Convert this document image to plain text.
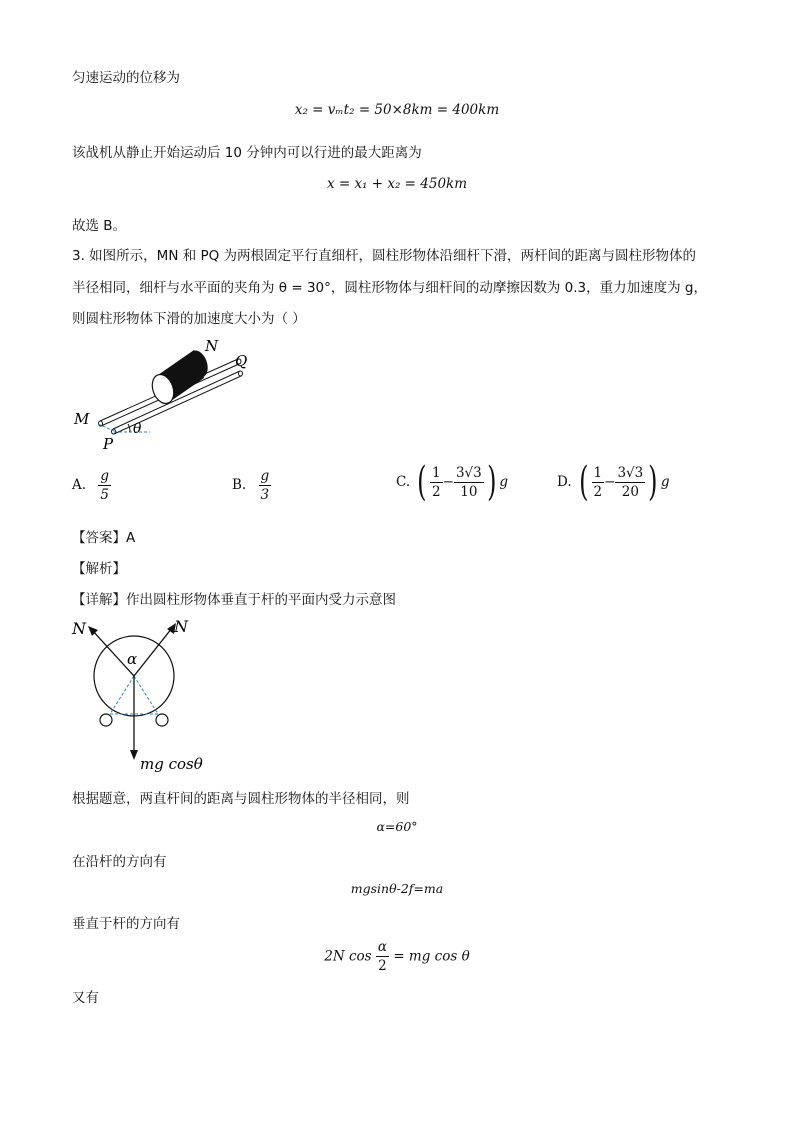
匀速运动的位移为
x₂ = vₘt₂ = 50×8km = 400km
该战机从静止开始运动后 10 分钟内可以行进的最大距离为
x = x₁ + x₂ = 450km
故选 B。
3. 如图所示，MN 和 PQ 为两根固定平行直细杆，圆柱形物体沿细杆下滑，两杆间的距离与圆柱形物体的
半径相同，细杆与水平面的夹角为 θ = 30°，圆柱形物体与细杆间的动摩擦因数为 0.3，重力加速度为 g，
则圆柱形物体下滑的加速度大小为（ ）
N
Q
M
P
θ
A. $\frac{g}{5}$	B. $\frac{g}{3}$	C. ( $\frac{1}{2} - \frac{3√3}{10}$ ) g	D. ( $\frac{1}{2} - \frac{3√3}{20}$ ) g
【答案】A
【解析】
【详解】作出圆柱形物体垂直于杆的平面内受力示意图
N	N
α
mg cosθ
根据题意，两直杆间的距离与圆柱形物体的半径相同，则
α=60°
在沿杆的方向有
mgsinθ-2f=ma
垂直于杆的方向有
2N $\cos \frac{\alpha}{2}$ = mg cos θ
又有
